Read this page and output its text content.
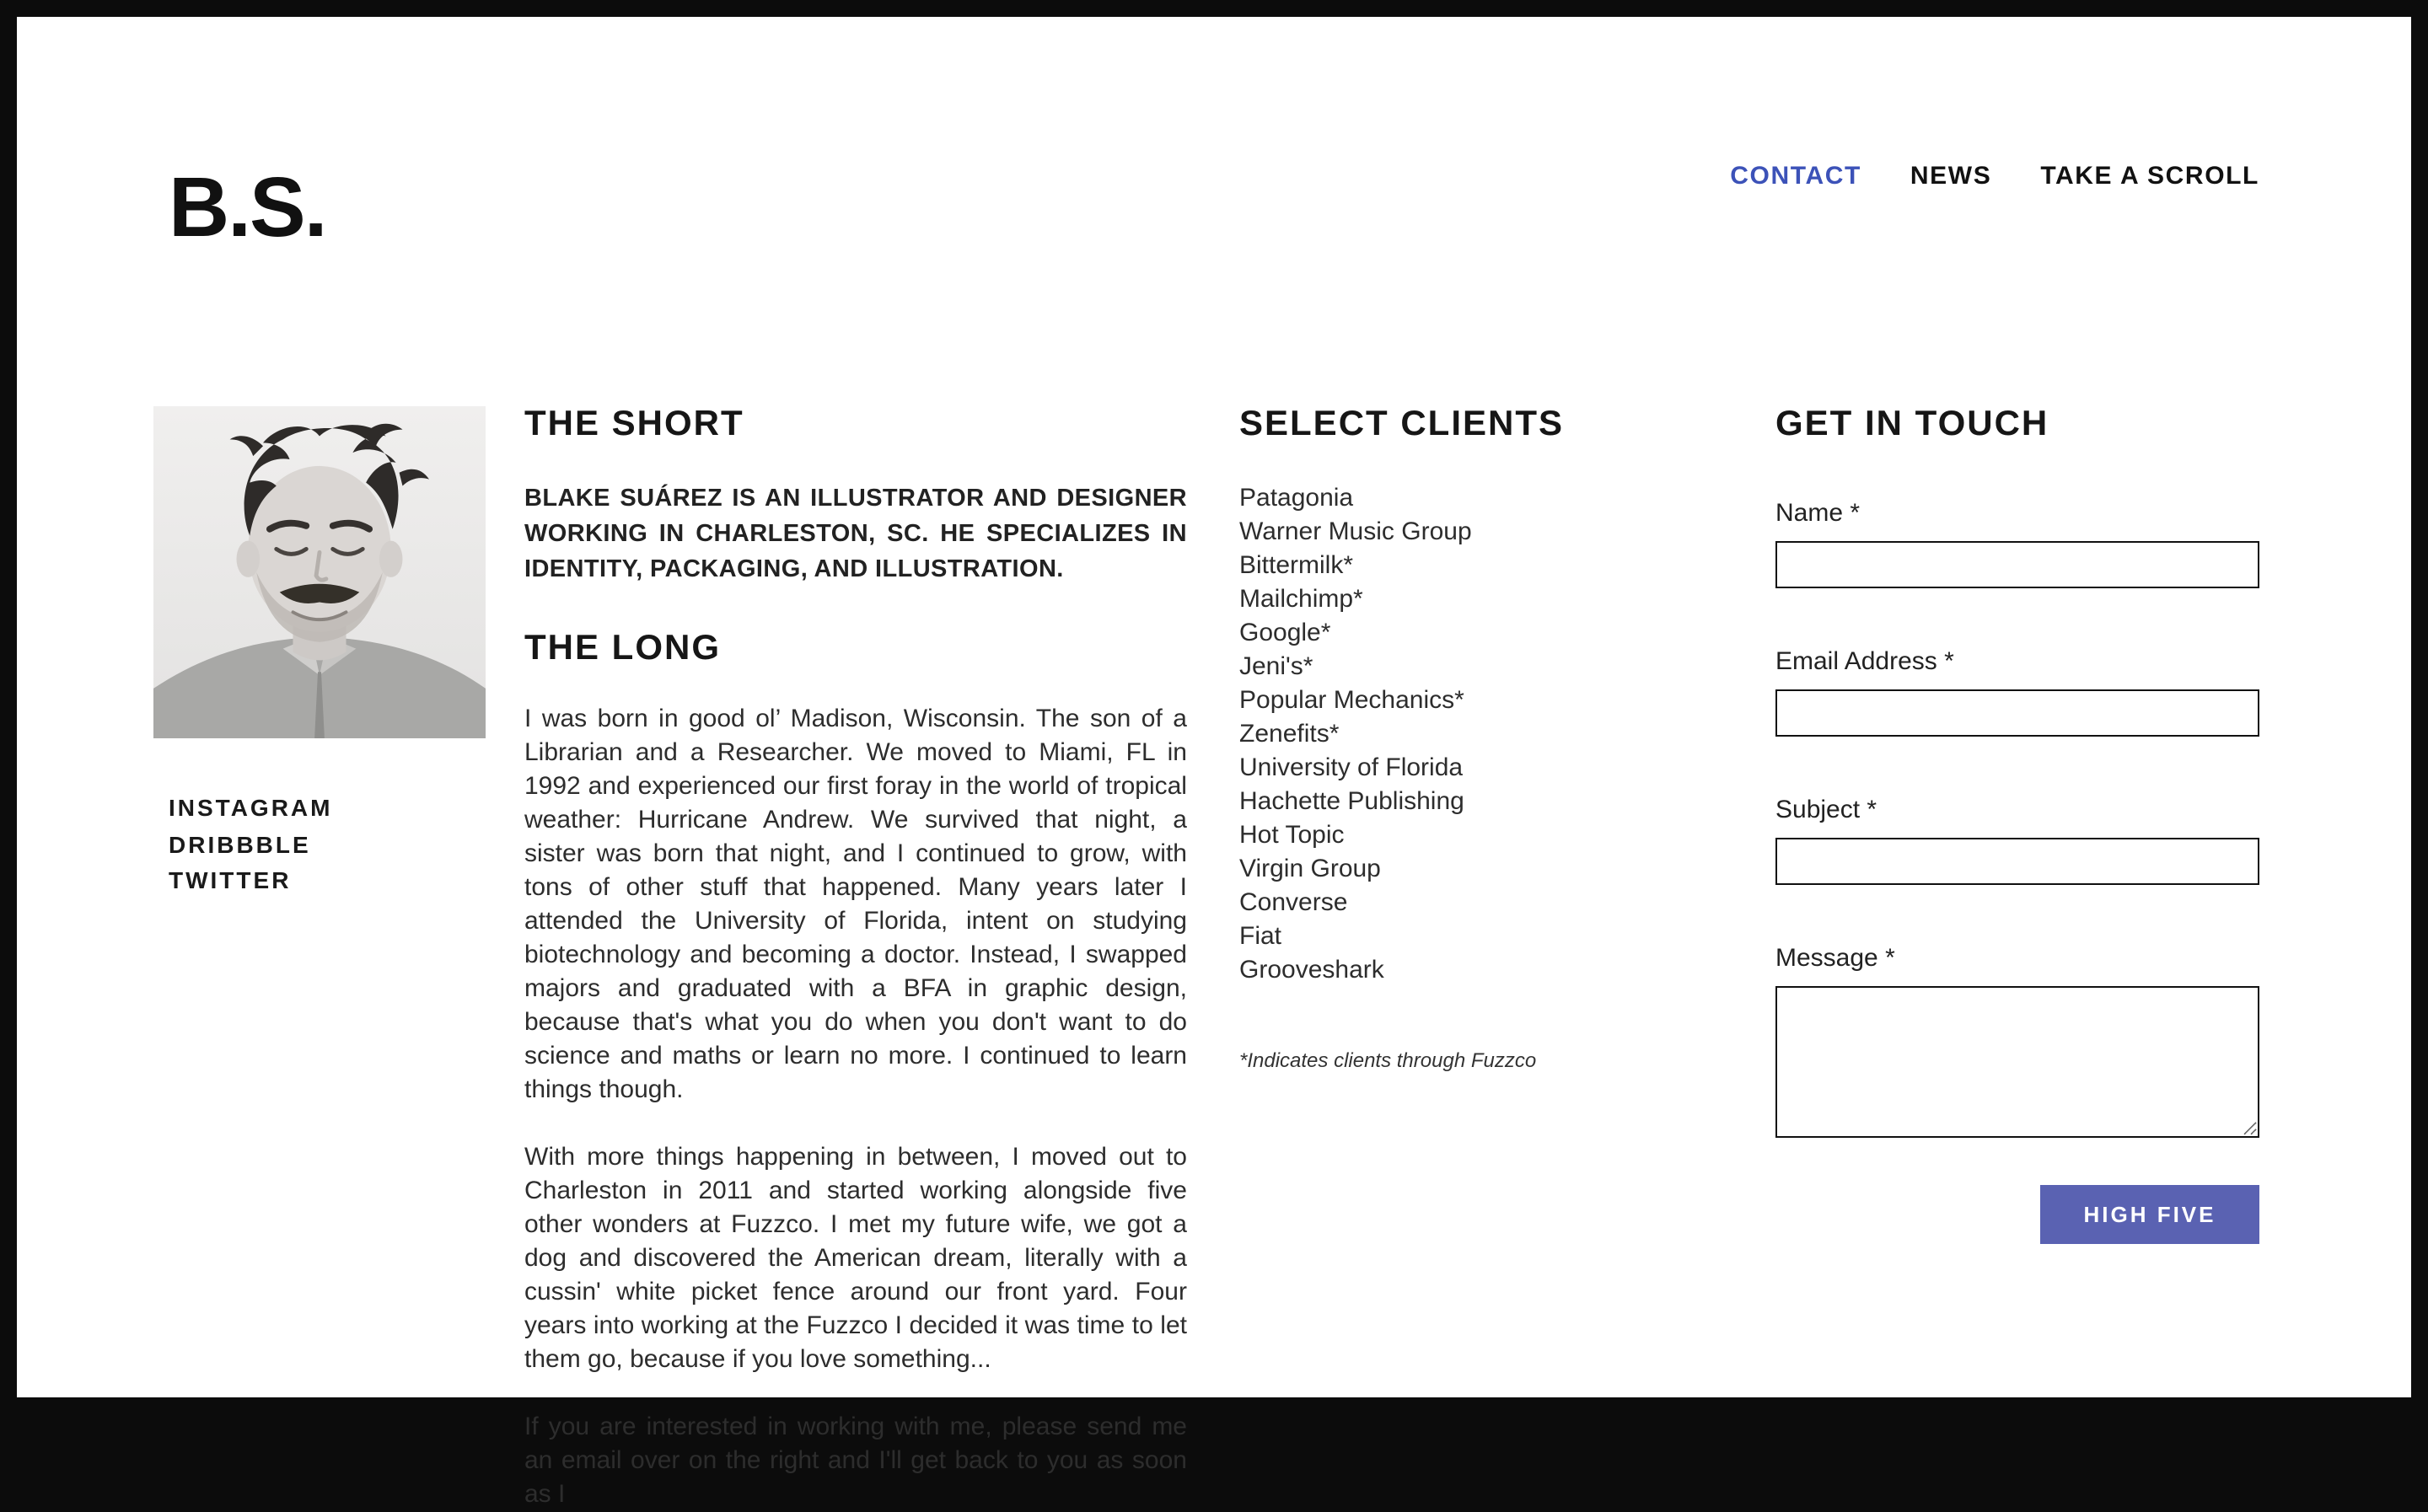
B.S.	CONTACT	NEWS	TAKE A SCROLL
INSTAGRAM
DRIBBBLE
TWITTER
THE SHORT

BLAKE SUÁREZ IS AN ILLUSTRATOR AND DESIGNER WORKING IN CHARLESTON, SC. HE SPECIALIZES IN IDENTITY, PACKAGING, AND ILLUSTRATION.

THE LONG

I was born in good ol’ Madison, Wisconsin. The son of a Librarian and a Researcher. We moved to Miami, FL in 1992 and experienced our first foray in the world of tropical weather: Hurricane Andrew. We survived that night, a sister was born that night, and I continued to grow, with tons of other stuff that happened. Many years later I attended the University of Florida, intent on studying biotechnology and becoming a doctor. Instead, I swapped majors and graduated with a BFA in graphic design, because that's what you do when you don't want to do science and maths or learn no more. I continued to learn things though.

With more things happening in between, I moved out to Charleston in 2011 and started working alongside five other wonders at Fuzzco. I met my future wife, we got a dog and discovered the American dream, literally with a cussin' white picket fence around our front yard. Four years into working at the Fuzzco I decided it was time to let them go, because if you love something...

If you are interested in working with me, please send me an email over on the right and I'll get back to you as soon as I

SELECT CLIENTS
Patagonia
Warner Music Group
Bittermilk*
Mailchimp*
Google*
Jeni's*
Popular Mechanics*
Zenefits*
University of Florida
Hachette Publishing
Hot Topic
Virgin Group
Converse
Fiat
Grooveshark
*Indicates clients through Fuzzco
GET IN TOUCH
Name *
Email Address *
Subject *
Message *
HIGH FIVE
